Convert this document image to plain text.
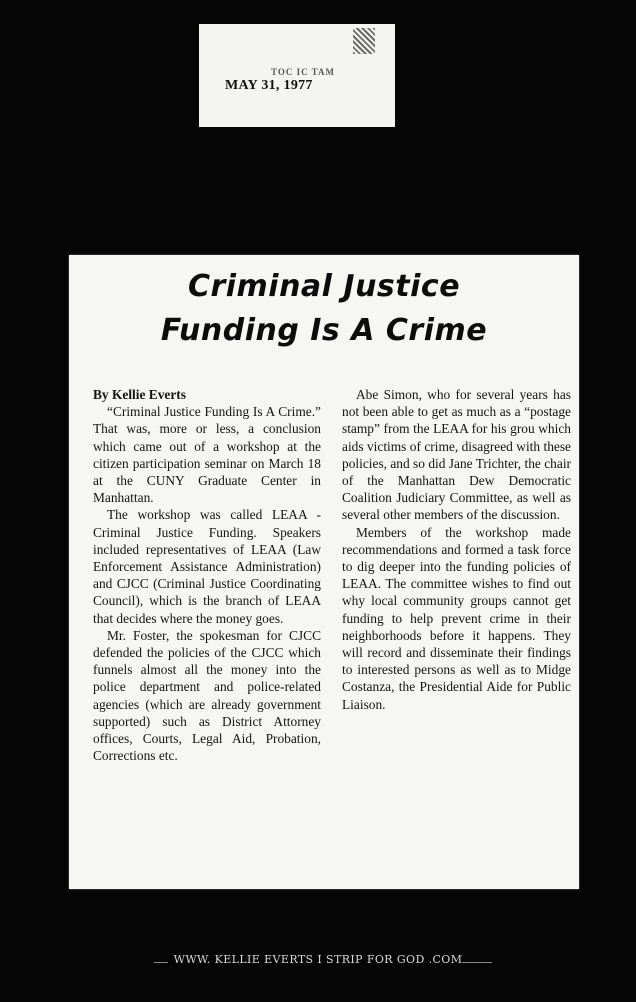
TOC IC TAM
MAY 31, 1977
Criminal Justice
Funding Is A Crime

By Kellie Everts

“Criminal Justice Funding Is A Crime.” That was, more or less, a conclusion which came out of a workshop at the citizen participation seminar on March 18 at the CUNY Graduate Center in Manhattan.

The workshop was called LEAA - Criminal Justice Funding. Speakers included representatives of LEAA (Law Enforcement Assistance Administration) and CJCC (Criminal Justice Coordinating Council), which is the branch of LEAA that decides where the money goes.

Mr. Foster, the spokesman for CJCC defended the policies of the CJCC which funnels almost all the money into the police department and police-related agencies (which are already government supported) such as District Attorney offices, Courts, Legal Aid, Probation, Corrections etc.

Abe Simon, who for several years has not been able to get as much as a “postage stamp” from the LEAA for his grou which aids victims of crime, disagreed with these policies, and so did Jane Trichter, the chair of the Manhattan Dew Democratic Coalition Judiciary Committee, as well as several other members of the discussion.

Members of the workshop made recommendations and formed a task force to dig deeper into the funding policies of LEAA. The committee wishes to find out why local community groups cannot get funding to help prevent crime in their neighborhoods before it happens. They will record and disseminate their findings to interested persons as well as to Midge Costanza, the Presidential Aide for Public Liaison.

WWW. KELLIE EVERTS I STRIP FOR GOD .COM
